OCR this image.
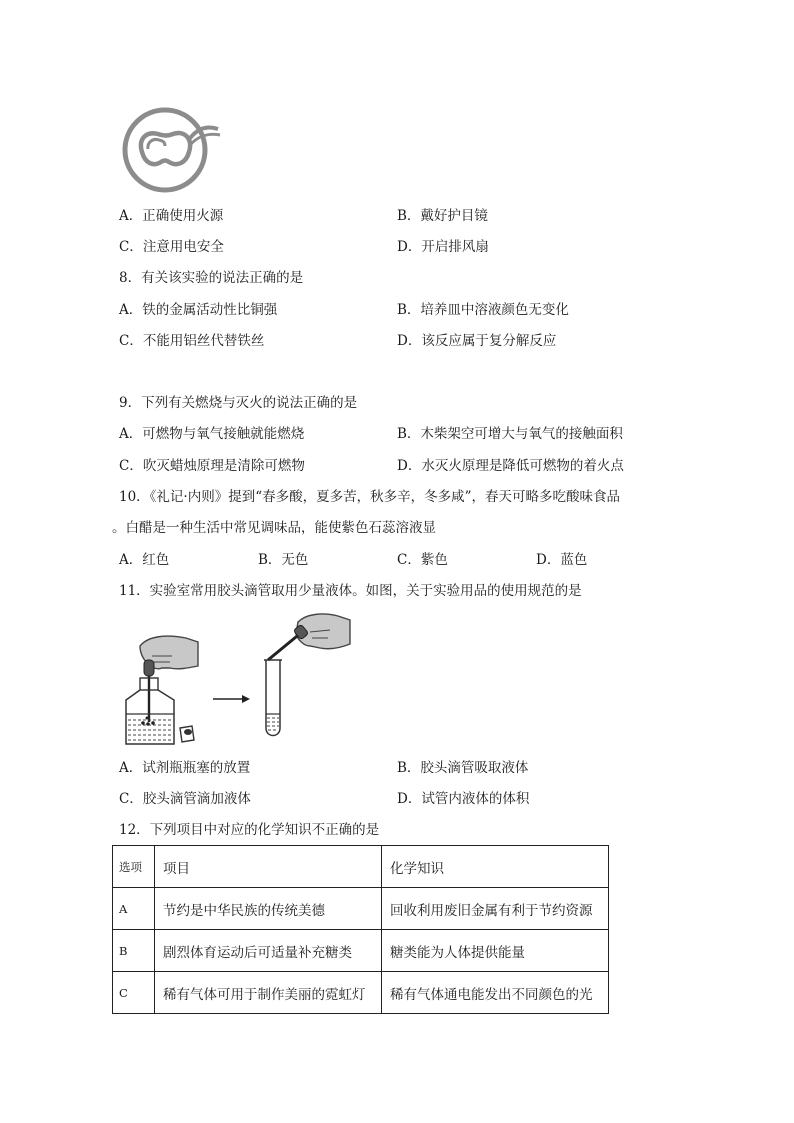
A．正确使用火源	B．戴好护目镜
C．注意用电安全	D．开启排风扇
8．有关该实验的说法正确的是
A．铁的金属活动性比铜强	B．培养皿中溶液颜色无变化
C．不能用铝丝代替铁丝	D．该反应属于复分解反应
9．下列有关燃烧与灭火的说法正确的是
A．可燃物与氧气接触就能燃烧	B．木柴架空可增大与氧气的接触面积
C．吹灭蜡烛原理是清除可燃物	D．水灭火原理是降低可燃物的着火点
10．《礼记·内则》提到“春多酸，夏多苦，秋多辛，冬多咸”，春天可略多吃酸味食品
。白醋是一种生活中常见调味品，能使紫色石蕊溶液显
A．红色	B．无色	C．紫色	D．蓝色
11．实验室常用胶头滴管取用少量液体。如图，关于实验用品的使用规范的是
A．试剂瓶瓶塞的放置	B．胶头滴管吸取液体
C．胶头滴管滴加液体	D．试管内液体的体积
12．下列项目中对应的化学知识不正确的是
选项	项目	化学知识
A	节约是中华民族的传统美德	回收利用废旧金属有利于节约资源
B	剧烈体育运动后可适量补充糖类	糖类能为人体提供能量
C	稀有气体可用于制作美丽的霓虹灯	稀有气体通电能发出不同颜色的光
